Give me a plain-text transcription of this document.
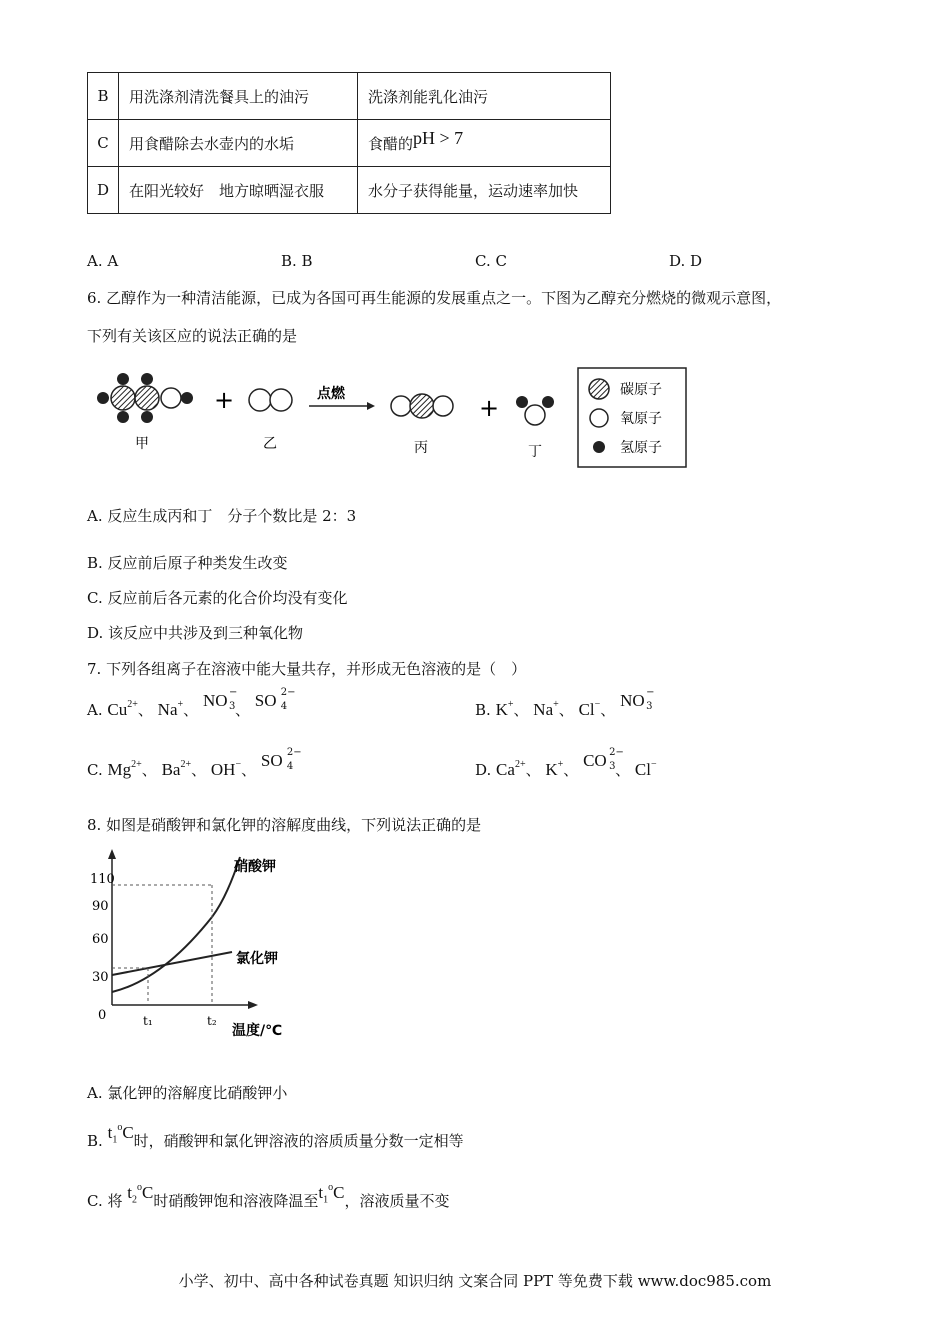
B	用洗涤剂清洗餐具上的油污	洗涤剂能乳化油污
C	用食醋除去水壶内的水垢	食醋的pH > 7
D	在阳光较好　地方晾晒湿衣服	水分子获得能量，运动速率加快
A. A	B. B	C. C	D. D
6. 乙醇作为一种清洁能源，已成为各国可再生能源的发展重点之一。下图为乙醇充分燃烧的微观示意图，
下列有关该区应的说法正确的是
甲
+
乙
点燃
丙
+
丁
碳原子
氧原子
氢原子
A. 反应生成丙和丁　分子个数比是 2：3
B. 反应前后原子种类发生改变
C. 反应前后各元素的化合价均没有变化
D. 该反应中共涉及到三种氧化物
7. 下列各组离子在溶液中能大量共存，并形成无色溶液的是（　）
A. $Cu^{2+}$、 Na+、 NO −
3 、 SO 2−
4	B. K+、 Na+、 Cl−、 NO −
3
C. $Mg^{2+}$、 $Ba^{2+}$、 OH−、 SO 2−
4	D. $Ca^{2+}$、 K+、 CO 2−
3 、 Cl−
8. 如图是硝酸钾和氯化钾的溶解度曲线，下列说法正确的是
110
90
60
30
0	t₁	t₂
温度/℃
硝酸钾
氯化钾
A. 氯化钾的溶解度比硝酸钾小
B. $t_1^oC$时，硝酸钾和氯化钾溶液的溶质质量分数一定相等
C. 将 $t_2^oC$时硝酸钾饱和溶液降温至$t_1^oC$，溶液质量不变
小学、初中、高中各种试卷真题 知识归纳 文案合同 PPT 等免费下载 www.doc985.com
